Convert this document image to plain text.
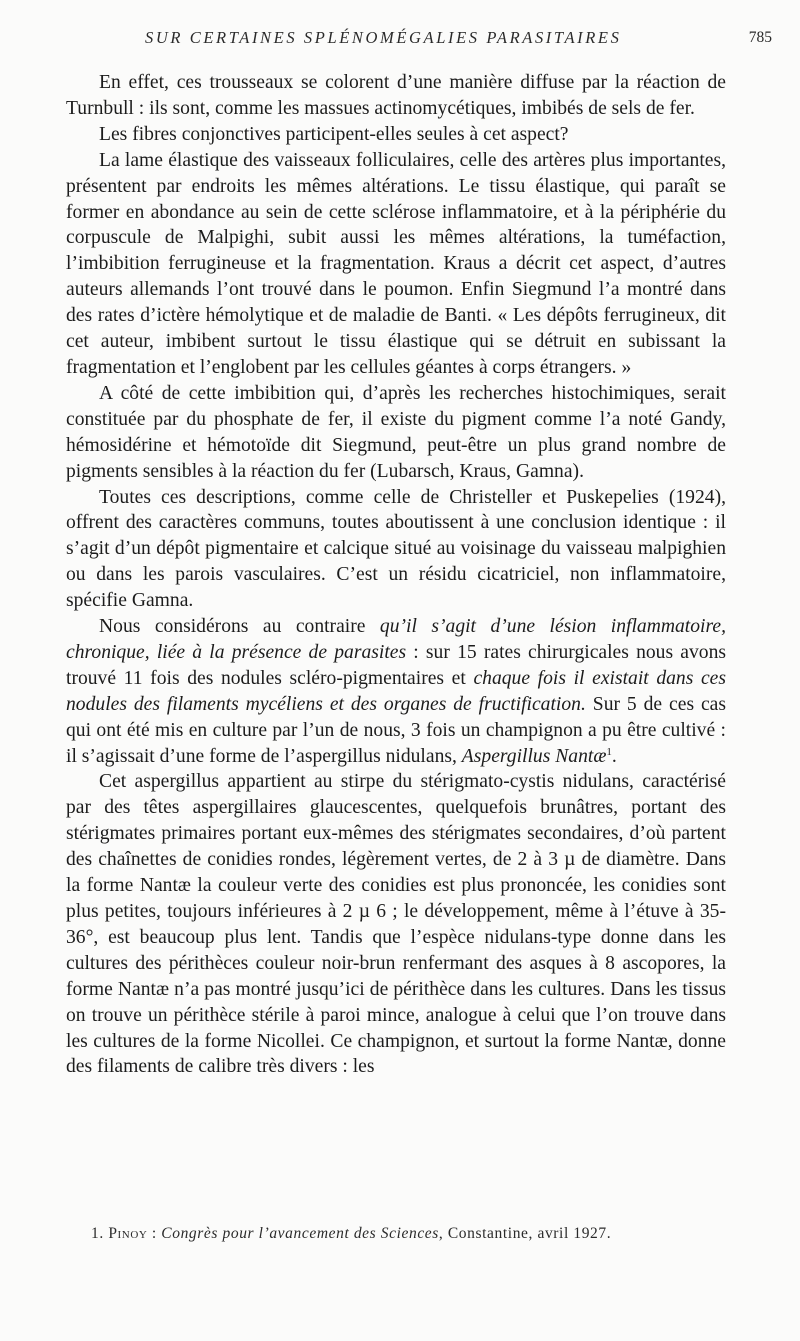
SUR CERTAINES SPLÉNOMÉGALIES PARASITAIRES	785

En effet, ces trousseaux se colorent d’une manière diffuse par la réaction de Turnbull : ils sont, comme les massues actinomycétiques, imbibés de sels de fer.

Les fibres conjonctives participent-elles seules à cet aspect?

La lame élastique des vaisseaux folliculaires, celle des artères plus importantes, présentent par endroits les mêmes altérations. Le tissu élastique, qui paraît se former en abondance au sein de cette sclérose inflammatoire, et à la périphérie du corpuscule de Malpighi, subit aussi les mêmes altérations, la tuméfaction, l’imbibition ferrugineuse et la fragmentation. Kraus a décrit cet aspect, d’autres auteurs allemands l’ont trouvé dans le poumon. Enfin Siegmund l’a montré dans des rates d’ictère hémolytique et de maladie de Banti. « Les dépôts ferrugineux, dit cet auteur, imbibent surtout le tissu élastique qui se détruit en subissant la fragmentation et l’englobent par les cellules géantes à corps étrangers. »

A côté de cette imbibition qui, d’après les recherches histochimiques, serait constituée par du phosphate de fer, il existe du pigment comme l’a noté Gandy, hémosidérine et hémotoïde dit Siegmund, peut-être un plus grand nombre de pigments sensibles à la réaction du fer (Lubarsch, Kraus, Gamna).

Toutes ces descriptions, comme celle de Christeller et Puskepelies (1924), offrent des caractères communs, toutes aboutissent à une conclusion identique : il s’agit d’un dépôt pigmentaire et calcique situé au voisinage du vaisseau malpighien ou dans les parois vasculaires. C’est un résidu cicatriciel, non inflammatoire, spécifie Gamna.

Nous considérons au contraire qu’il s’agit d’une lésion inflammatoire, chronique, liée à la présence de parasites : sur 15 rates chirurgicales nous avons trouvé 11 fois des nodules scléro-pigmentaires et chaque fois il existait dans ces nodules des filaments mycéliens et des organes de fructification. Sur 5 de ces cas qui ont été mis en culture par l’un de nous, 3 fois un champignon a pu être cultivé : il s’agissait d’une forme de l’aspergillus nidulans, Aspergillus Nantæ$^1$.

Cet aspergillus appartient au stirpe du stérigmato-cystis nidulans, caractérisé par des têtes aspergillaires glaucescentes, quelquefois brunâtres, portant des stérigmates primaires portant eux-mêmes des stérigmates secondaires, d’où partent des chaînettes de conidies rondes, légèrement vertes, de 2 à 3 µ de diamètre. Dans la forme Nantæ la couleur verte des conidies est plus prononcée, les conidies sont plus petites, toujours inférieures à 2 µ 6 ; le développement, même à l’étuve à 35-36°, est beaucoup plus lent. Tandis que l’espèce nidulans-type donne dans les cultures des périthèces couleur noir-brun renfermant des asques à 8 ascopores, la forme Nantæ n’a pas montré jusqu’ici de périthèce dans les cultures. Dans les tissus on trouve un périthèce stérile à paroi mince, analogue à celui que l’on trouve dans les cultures de la forme Nicollei. Ce champignon, et surtout la forme Nantæ, donne des filaments de calibre très divers : les

1. Pinoy : Congrès pour l’avancement des Sciences, Constantine, avril 1927.
